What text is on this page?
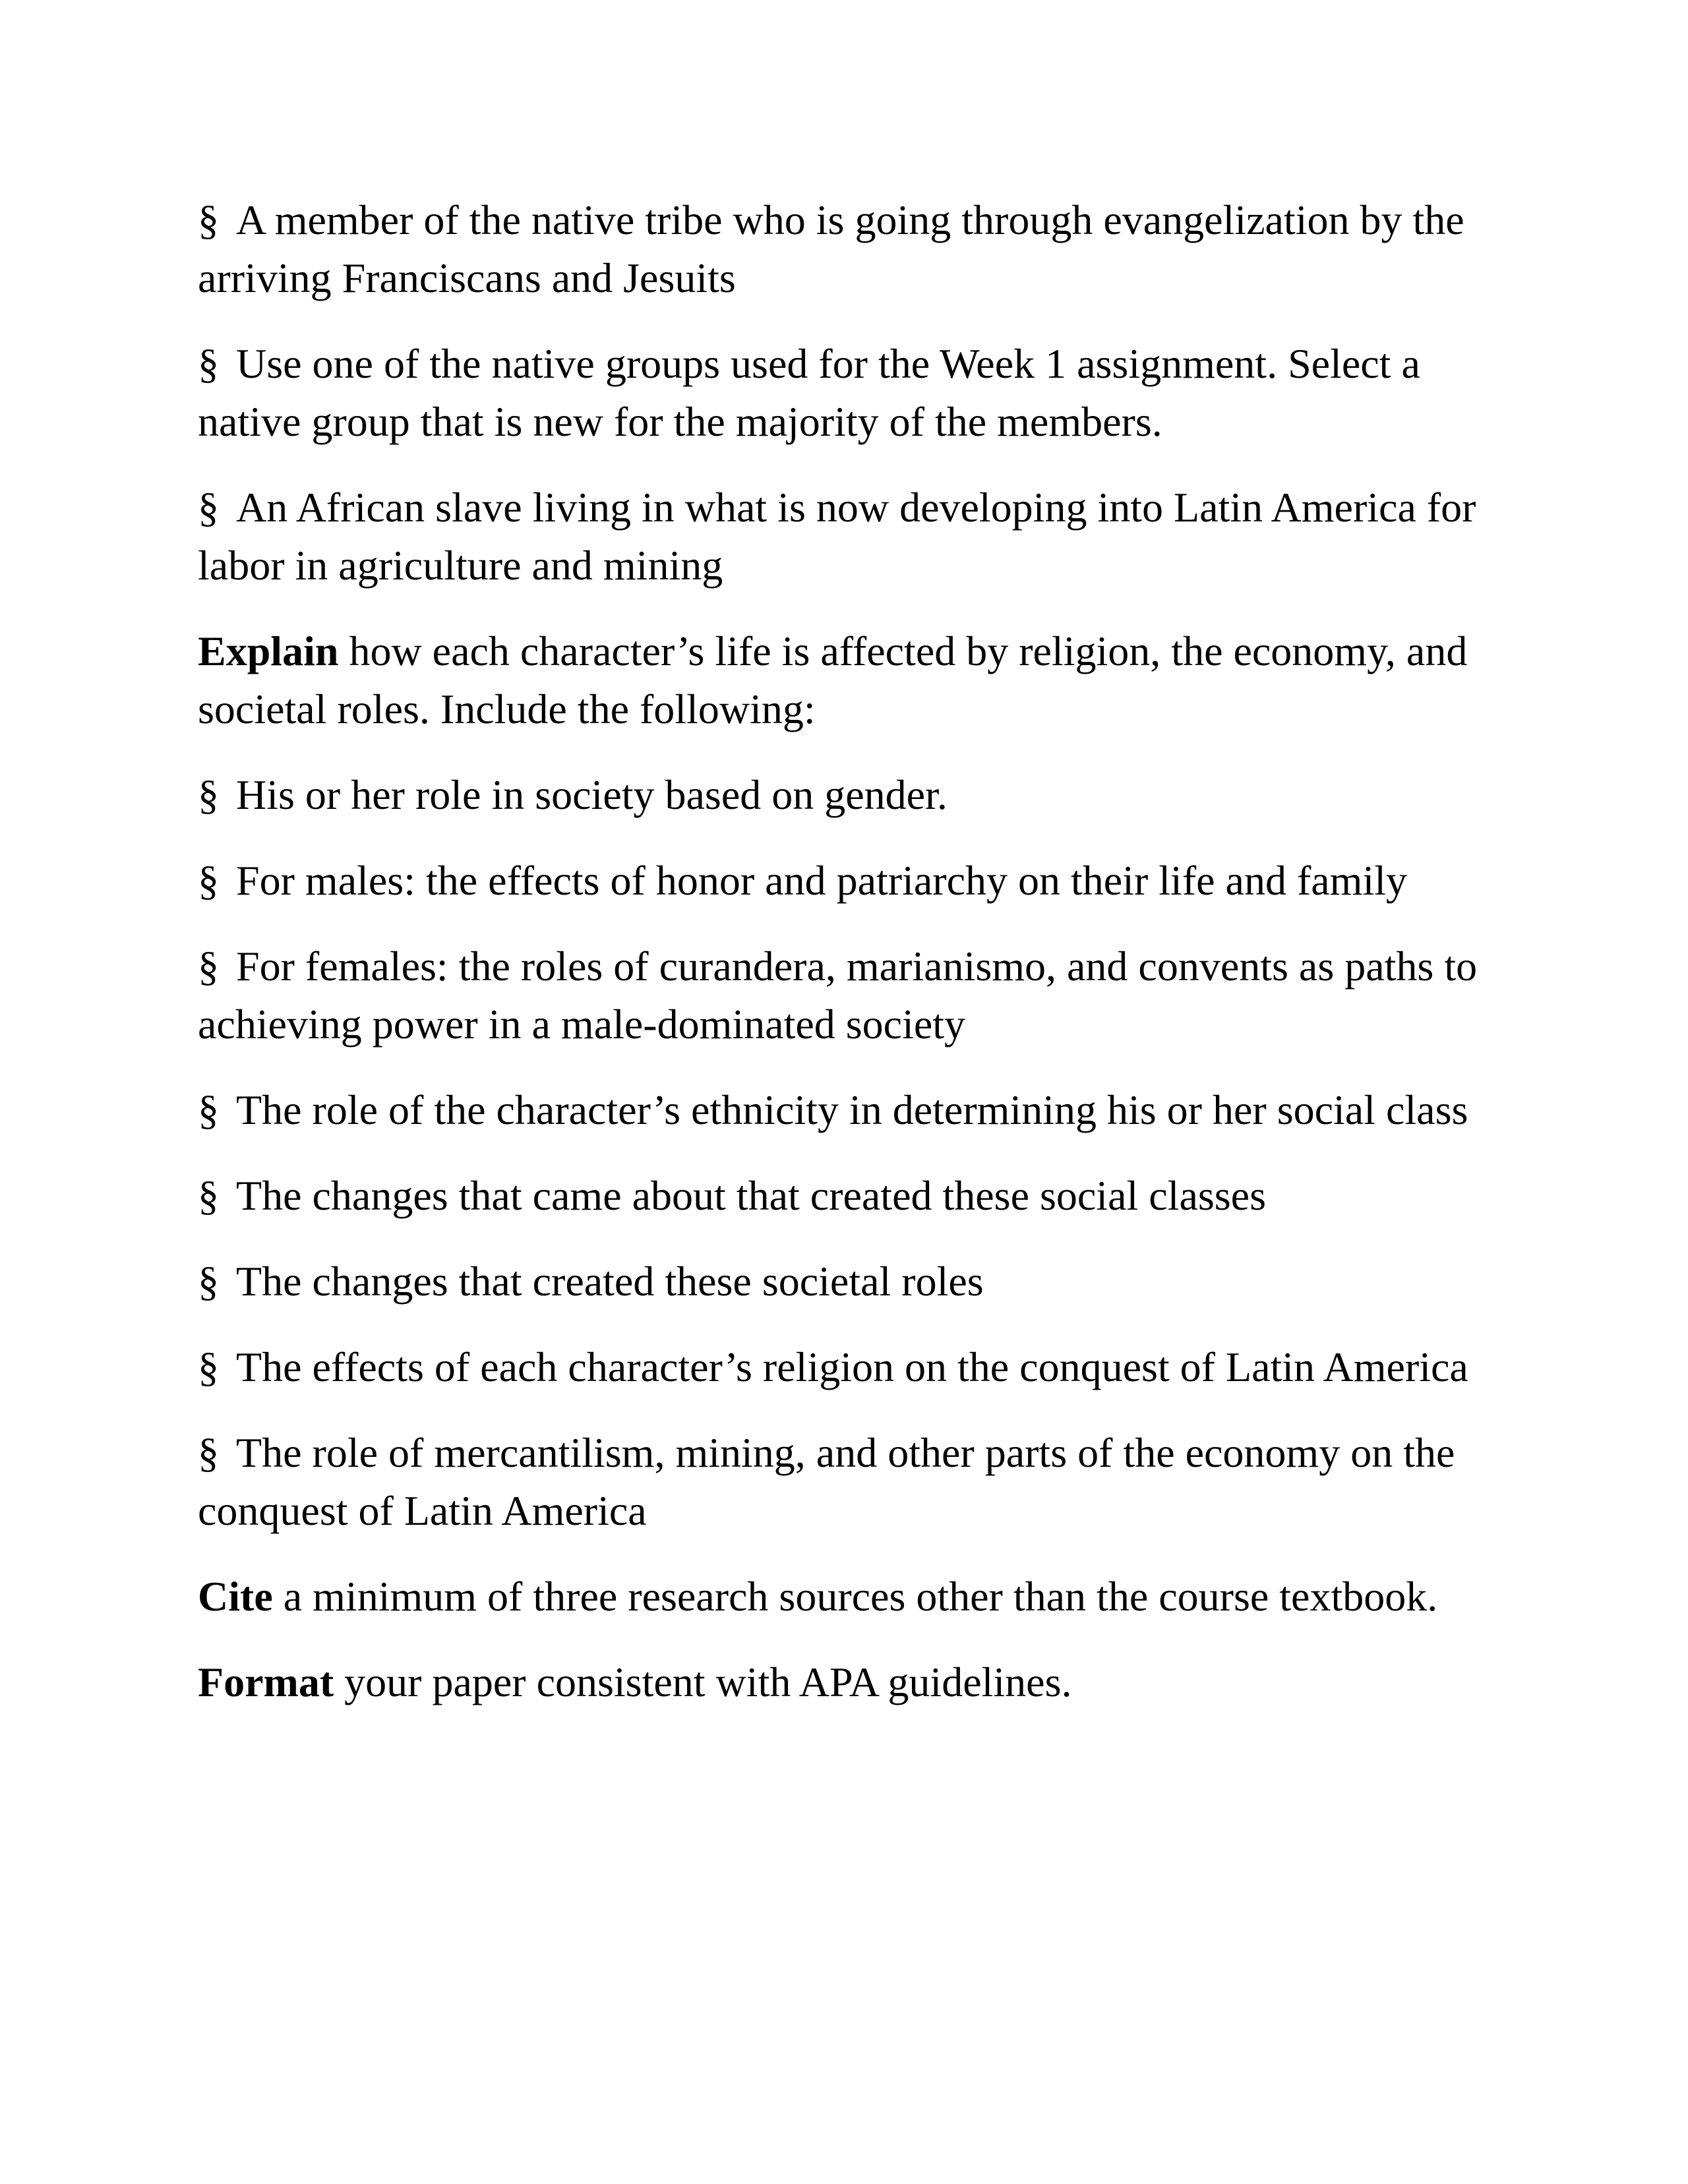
§ A member of the native tribe who is going through evangelization by the arriving Franciscans and Jesuits

§ Use one of the native groups used for the Week 1 assignment. Select a native group that is new for the majority of the members.

§ An African slave living in what is now developing into Latin America for labor in agriculture and mining

Explain how each character’s life is affected by religion, the economy, and societal roles. Include the following:

§ His or her role in society based on gender.

§ For males: the effects of honor and patriarchy on their life and family

§ For females: the roles of curandera, marianismo, and convents as paths to achieving power in a male-dominated society

§ The role of the character’s ethnicity in determining his or her social class

§ The changes that came about that created these social classes

§ The changes that created these societal roles

§ The effects of each character’s religion on the conquest of Latin America

§ The role of mercantilism, mining, and other parts of the economy on the conquest of Latin America

Cite a minimum of three research sources other than the course textbook.

Format your paper consistent with APA guidelines.
